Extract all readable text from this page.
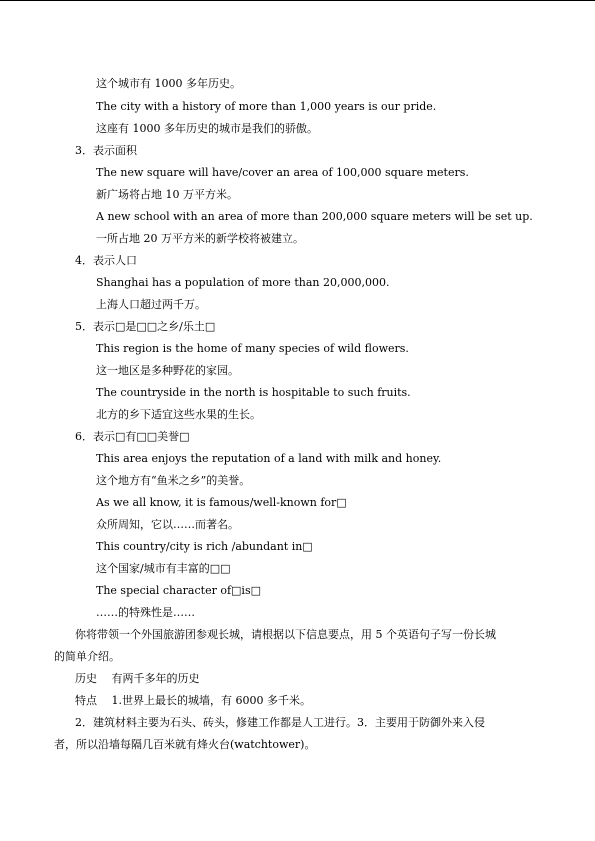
这个城市有 1000 多年历史。
The city with a history of more than 1,000 years is our pride.
这座有 1000 多年历史的城市是我们的骄傲。
3．表示面积
The new square will have/cover an area of 100,000 square meters.
新广场将占地 10 万平方米。
A new school with an area of more than 200,000 square meters will be set up.
一所占地 20 万平方米的新学校将被建立。
4．表示人口
Shanghai has a population of more than 20,000,000.
上海人口超过两千万。
5．表示□是□□之乡/乐土□
This region is the home of many species of wild flowers.
这一地区是多种野花的家园。
The countryside in the north is hospitable to such fruits.
北方的乡下适宜这些水果的生长。
6．表示□有□□美誉□
This area enjoys the reputation of a land with milk and honey.
这个地方有“鱼米之乡”的美誉。
As we all know, it is famous/well-known for□
众所周知，它以……而著名。
This country/city is rich /abundant in□
这个国家/城市有丰富的□□
The special character of□is□
……的特殊性是……
你将带领一个外国旅游团参观长城，请根据以下信息要点，用 5 个英语句子写一份长城
的简单介绍。
历史　 有两千多年的历史
特点　 1.世界上最长的城墙，有 6000 多千米。
2．建筑材料主要为石头、砖头，修建工作都是人工进行。3．主要用于防御外来入侵
者，所以沿墙每隔几百米就有烽火台(watchtower)。
